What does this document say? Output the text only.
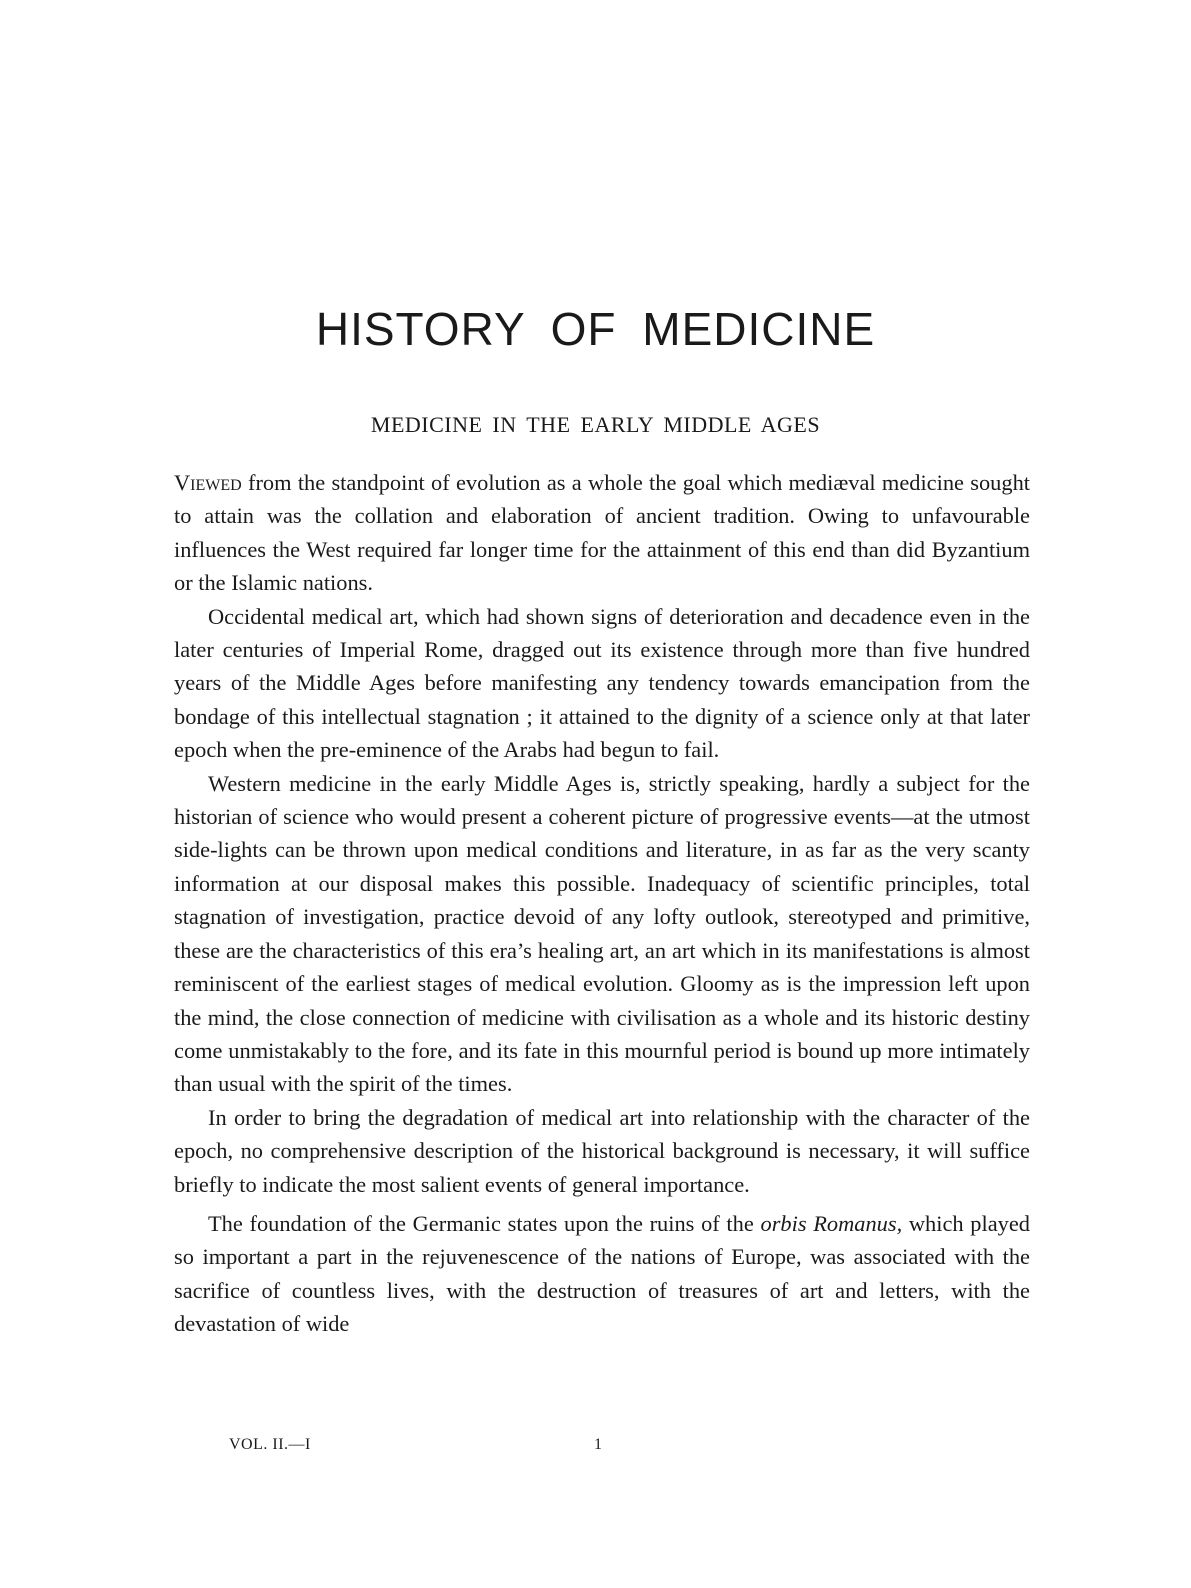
HISTORY OF MEDICINE
MEDICINE IN THE EARLY MIDDLE AGES

Viewed from the standpoint of evolution as a whole the goal which mediæval medicine sought to attain was the collation and elaboration of ancient tradition. Owing to unfavourable influences the West required far longer time for the attainment of this end than did Byzantium or the Islamic nations.

Occidental medical art, which had shown signs of deterioration and decadence even in the later centuries of Imperial Rome, dragged out its existence through more than five hundred years of the Middle Ages before manifesting any tendency towards emancipation from the bondage of this intellectual stagnation ; it attained to the dignity of a science only at that later epoch when the pre-eminence of the Arabs had begun to fail.

Western medicine in the early Middle Ages is, strictly speaking, hardly a subject for the historian of science who would present a coherent picture of progressive events—at the utmost side-lights can be thrown upon medical conditions and literature, in as far as the very scanty information at our disposal makes this possible. Inadequacy of scientific principles, total stagnation of investigation, practice devoid of any lofty outlook, stereotyped and primitive, these are the characteristics of this era’s healing art, an art which in its manifestations is almost reminiscent of the earliest stages of medical evolution. Gloomy as is the impression left upon the mind, the close connection of medicine with civilisation as a whole and its historic destiny come unmistakably to the fore, and its fate in this mournful period is bound up more intimately than usual with the spirit of the times.

In order to bring the degradation of medical art into relationship with the character of the epoch, no comprehensive description of the historical background is necessary, it will suffice briefly to indicate the most salient events of general importance.

The foundation of the Germanic states upon the ruins of the orbis Romanus, which played so important a part in the rejuvenescence of the nations of Europe, was associated with the sacrifice of countless lives, with the destruction of treasures of art and letters, with the devastation of wide

VOL. II.—I	1
